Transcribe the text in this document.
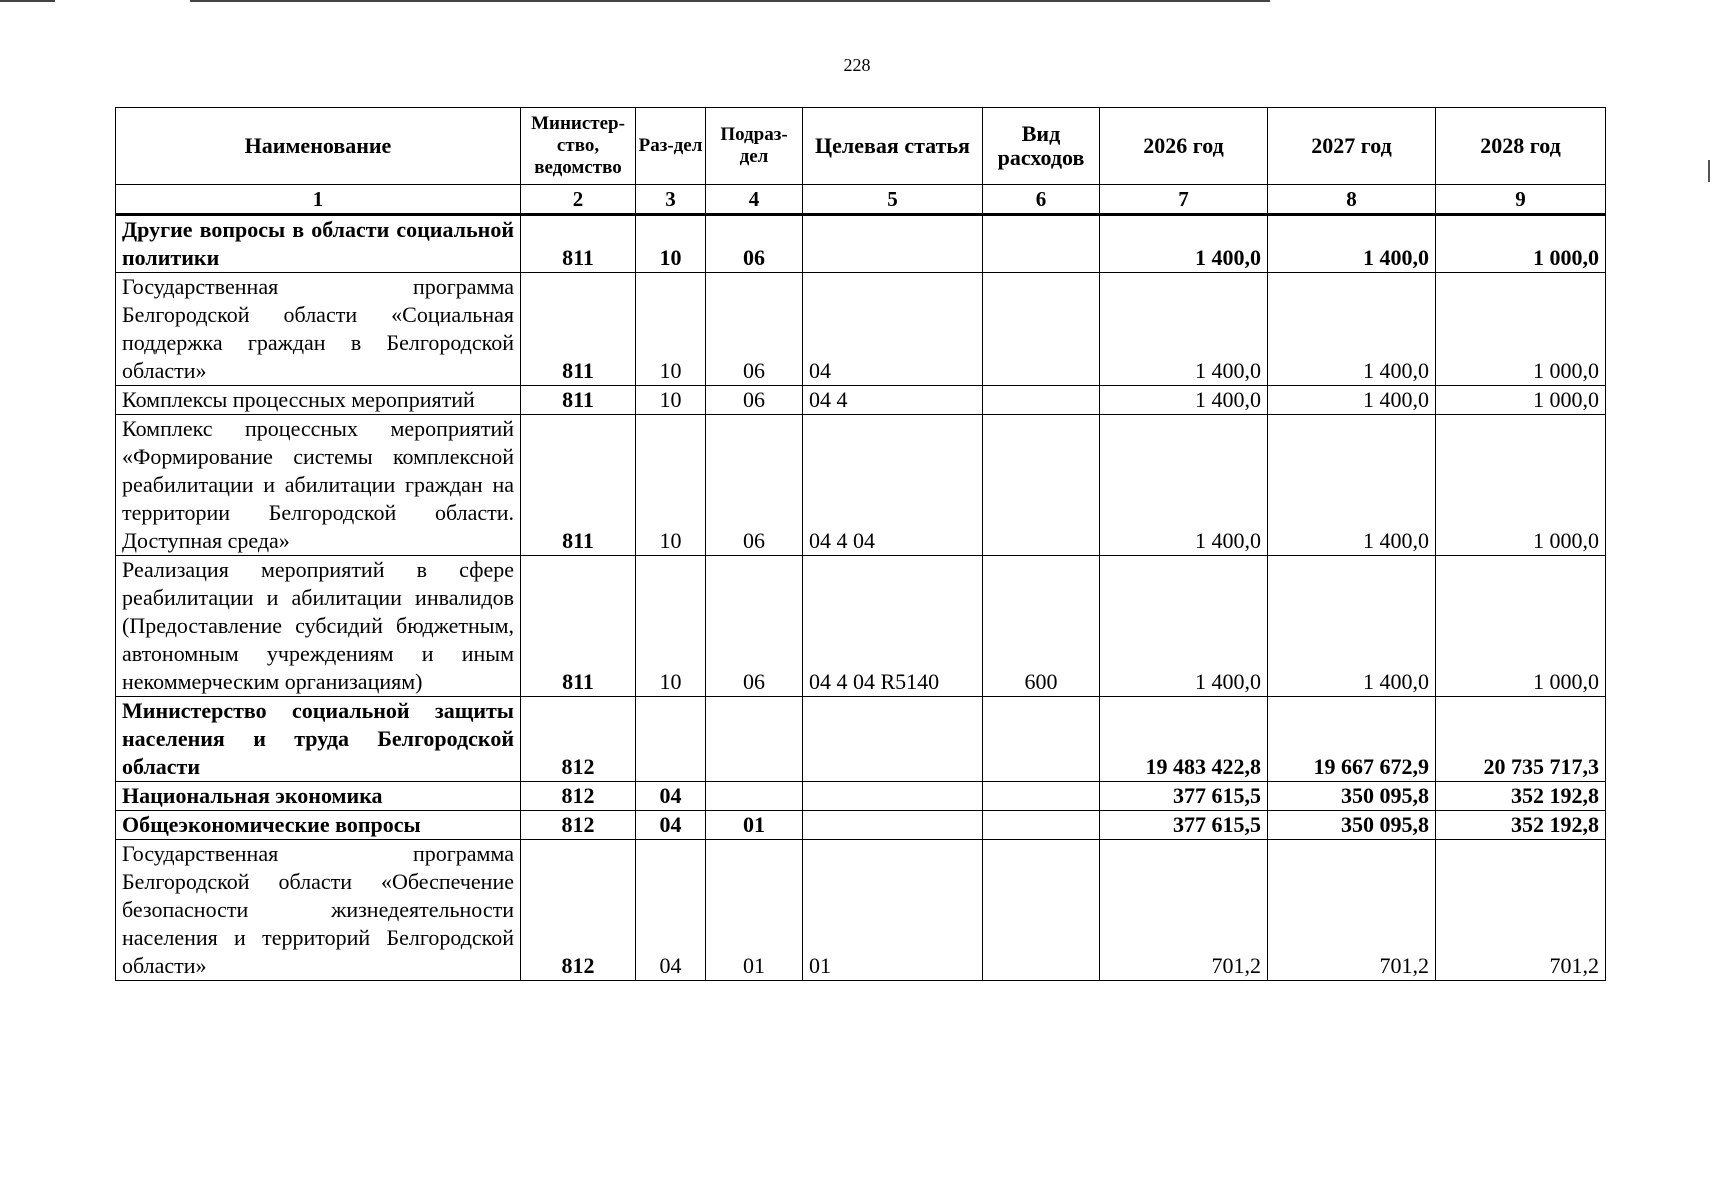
228
Наименование	Министер-ство, ведомство	Раз-дел	Подраз-дел	Целевая статья	Вид расходов	2026 год	2027 год	2028 год
1	2	3	4	5	6	7	8	9
Другие вопросы в области социальной политики	811	10	06			1 400,0	1 400,0	1 000,0
Государственная программа Белгородской области «Социальная поддержка граждан в Белгородской области»	811	10	06	04		1 400,0	1 400,0	1 000,0
Комплексы процессных мероприятий	811	10	06	04 4		1 400,0	1 400,0	1 000,0
Комплекс процессных мероприятий «Формирование системы комплексной реабилитации и абилитации граждан на территории Белгородской области. Доступная среда»	811	10	06	04 4 04		1 400,0	1 400,0	1 000,0
Реализация мероприятий в сфере реабилитации и абилитации инвалидов (Предоставление субсидий бюджетным, автономным учреждениям и иным некоммерческим организациям)	811	10	06	04 4 04 R5140	600	1 400,0	1 400,0	1 000,0
Министерство социальной защиты населения и труда Белгородской области	812					19 483 422,8	19 667 672,9	20 735 717,3
Национальная экономика	812	04				377 615,5	350 095,8	352 192,8
Общеэкономические вопросы	812	04	01			377 615,5	350 095,8	352 192,8
Государственная программа Белгородской области «Обеспечение безопасности жизнедеятельности населения и территорий Белгородской области»	812	04	01	01		701,2	701,2	701,2
